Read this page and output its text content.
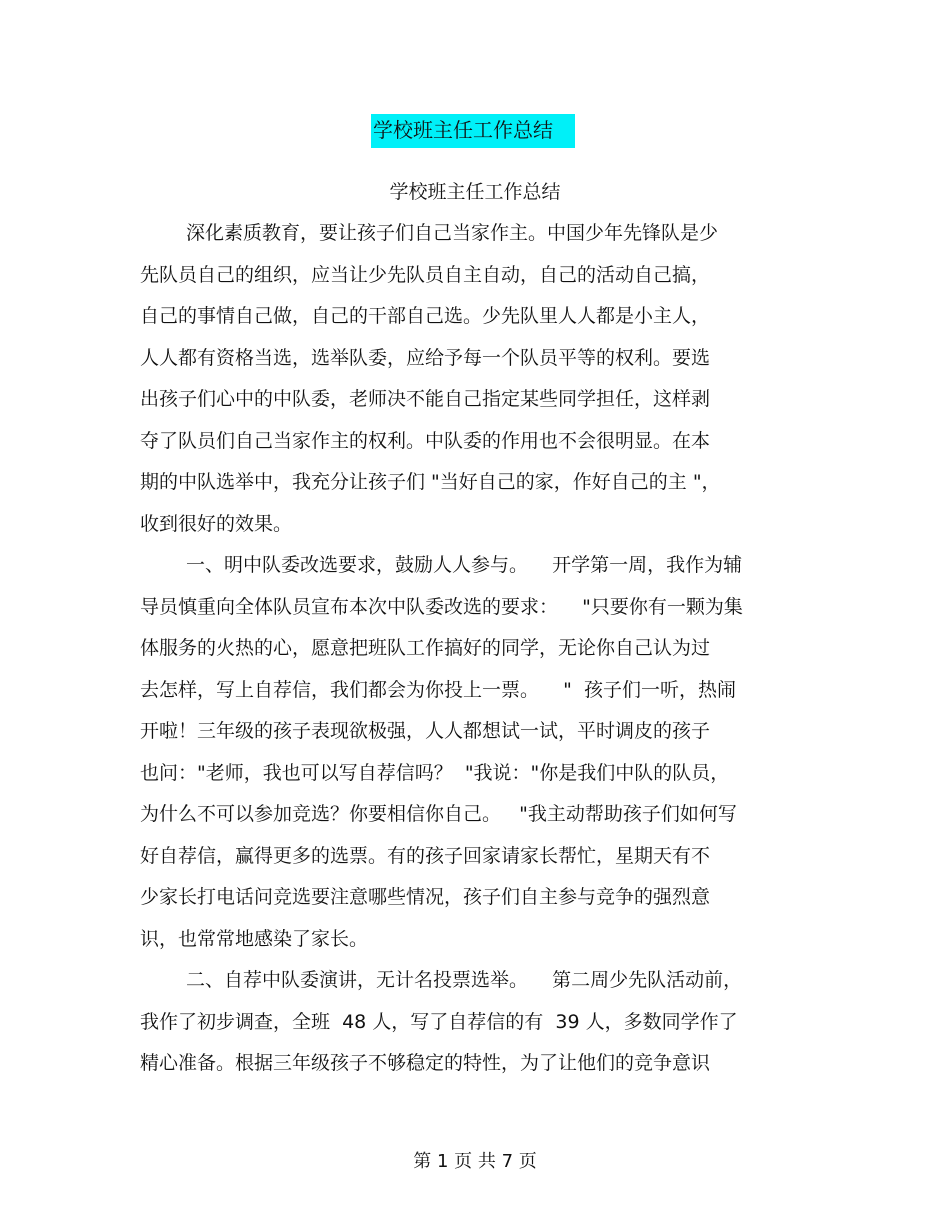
学校班主任工作总结
学校班主任工作总结
深化素质教育，要让孩子们自己当家作主。中国少年先锋队是少
先队员自己的组织，应当让少先队员自主自动，自己的活动自己搞，
自己的事情自己做，自己的干部自己选。少先队里人人都是小主人，
人人都有资格当选，选举队委，应给予每一个队员平等的权利。要选
出孩子们心中的中队委，老师决不能自己指定某些同学担任，这样剥
夺了队员们自己当家作主的权利。中队委的作用也不会很明显。在本
期的中队选举中，我充分让孩子们 "当好自己的家，作好自己的主 "，
收到很好的效果。
一、明中队委改选要求，鼓励人人参与。    开学第一周，我作为辅
导员慎重向全体队员宣布本次中队委改选的要求：    "只要你有一颗为集
体服务的火热的心，愿意把班队工作搞好的同学，无论你自己认为过
去怎样，写上自荐信，我们都会为你投上一票。    "  孩子们一听，热闹
开啦！三年级的孩子表现欲极强，人人都想试一试，平时调皮的孩子
也问："老师，我也可以写自荐信吗？  "我说："你是我们中队的队员，
为什么不可以参加竞选？你要相信你自己。   "我主动帮助孩子们如何写
好自荐信，赢得更多的选票。有的孩子回家请家长帮忙，星期天有不
少家长打电话问竞选要注意哪些情况，孩子们自主参与竞争的强烈意
识，也常常地感染了家长。
二、自荐中队委演讲，无计名投票选举。    第二周少先队活动前，
我作了初步调查，全班  48 人，写了自荐信的有  39 人，多数同学作了
精心准备。根据三年级孩子不够稳定的特性，为了让他们的竞争意识
第 1 页 共 7 页
